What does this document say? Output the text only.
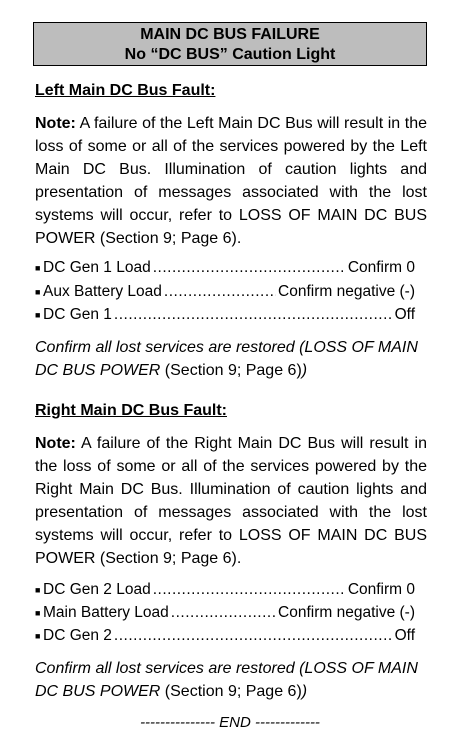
MAIN DC BUS FAILURE
No “DC BUS” Caution Light
Left Main DC Bus Fault:
Note: A failure of the Left Main DC Bus will result in the loss of some or all of the services powered by the Left Main DC Bus. Illumination of caution lights and presentation of messages associated with the lost systems will occur, refer to LOSS OF MAIN DC BUS POWER (Section 9; Page 6).
■ DC Gen 1 Load .....	Confirm 0
■ Aux Battery Load .....	Confirm negative (-)
■ DC Gen 1 .....	Off
Confirm all lost services are restored (LOSS OF MAIN DC BUS POWER (Section 9; Page 6))
Right Main DC Bus Fault:
Note: A failure of the Right Main DC Bus will result in the loss of some or all of the services powered by the Right Main DC Bus. Illumination of caution lights and presentation of messages associated with the lost systems will occur, refer to LOSS OF MAIN DC BUS POWER (Section 9; Page 6).
■ DC Gen 2 Load .....	Confirm 0
■ Main Battery Load .....	Confirm negative (-)
■ DC Gen 2 .....	Off
Confirm all lost services are restored (LOSS OF MAIN DC BUS POWER (Section 9; Page 6))
--------------- END -------------
